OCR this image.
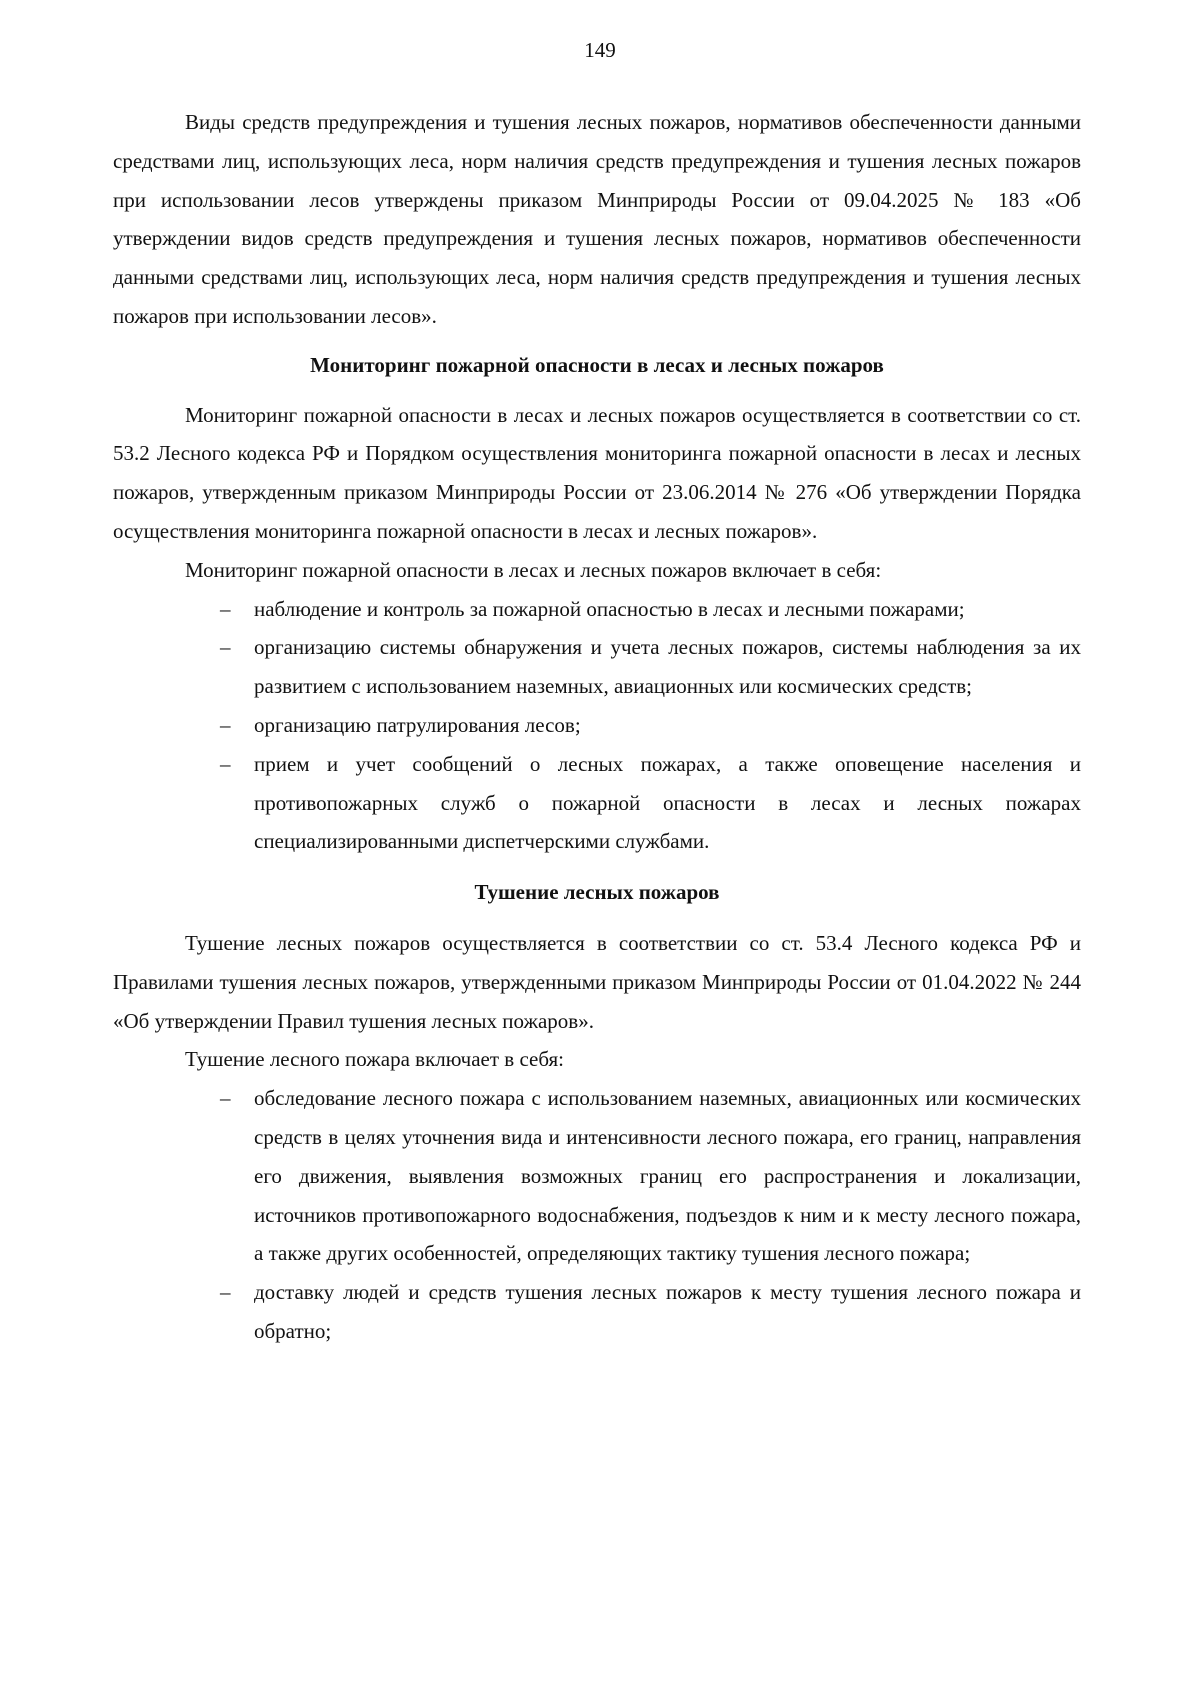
149

Виды средств предупреждения и тушения лесных пожаров, нормативов обеспеченности данными средствами лиц, использующих леса, норм наличия средств предупреждения и тушения лесных пожаров при использовании лесов утверждены приказом Минприроды России от 09.04.2025 № 183 «Об утверждении видов средств предупреждения и тушения лесных пожаров, нормативов обеспеченности данными средствами лиц, использующих леса, норм наличия средств предупреждения и тушения лесных пожаров при использовании лесов».

Мониторинг пожарной опасности в лесах и лесных пожаров

Мониторинг пожарной опасности в лесах и лесных пожаров осуществляется в соответствии со ст. 53.2 Лесного кодекса РФ и Порядком осуществления мониторинга пожарной опасности в лесах и лесных пожаров, утвержденным приказом Минприроды России от 23.06.2014 № 276 «Об утверждении Порядка осуществления мониторинга пожарной опасности в лесах и лесных пожаров».

Мониторинг пожарной опасности в лесах и лесных пожаров включает в себя:

– наблюдение и контроль за пожарной опасностью в лесах и лесными пожарами;
– организацию системы обнаружения и учета лесных пожаров, системы наблюдения за их развитием с использованием наземных, авиационных или космических средств;
– организацию патрулирования лесов;
– прием и учет сообщений о лесных пожарах, а также оповещение населения и противопожарных служб о пожарной опасности в лесах и лесных пожарах специализированными диспетчерскими службами.
Тушение лесных пожаров

Тушение лесных пожаров осуществляется в соответствии со ст. 53.4 Лесного кодекса РФ и Правилами тушения лесных пожаров, утвержденными приказом Минприроды России от 01.04.2022 № 244 «Об утверждении Правил тушения лесных пожаров».

Тушение лесного пожара включает в себя:

– обследование лесного пожара с использованием наземных, авиационных или космических средств в целях уточнения вида и интенсивности лесного пожара, его границ, направления его движения, выявления возможных границ его распространения и локализации, источников противопожарного водоснабжения, подъездов к ним и к месту лесного пожара, а также других особенностей, определяющих тактику тушения лесного пожара;
– доставку людей и средств тушения лесных пожаров к месту тушения лесного пожара и обратно;
